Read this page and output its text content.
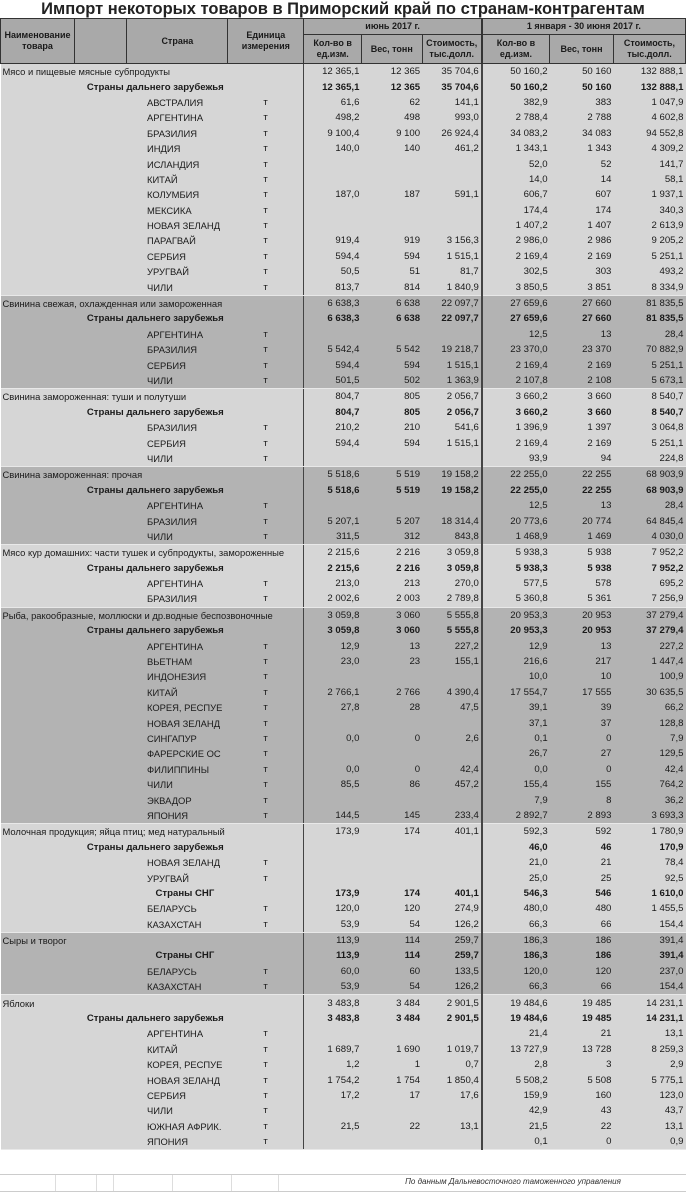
Импорт некоторых товаров в Приморский край по странам-контрагентам
Наименование товара		Страна	Единица измерения	июнь 2017 г.			1 января - 30 июня 2017 г.		
				Кол-во в ед.изм.	Вес, тонн	Стоимость, тыс.долл.	Кол-во в ед.изм.	Вес, тонн	Стоимость, тыс.долл.
Мясо и пищевые мясные субпродукты				12 365,1	12 365	35 704,6	50 160,2	50 160	132 888,1
Страны дальнего зарубежья				12 365,1	12 365	35 704,6	50 160,2	50 160	132 888,1
		АВСТРАЛИЯ	т	61,6	62	141,1	382,9	383	1 047,9
		АРГЕНТИНА	т	498,2	498	993,0	2 788,4	2 788	4 602,8
		БРАЗИЛИЯ	т	9 100,4	9 100	26 924,4	34 083,2	34 083	94 552,8
		ИНДИЯ	т	140,0	140	461,2	1 343,1	1 343	4 309,2
		ИСЛАНДИЯ	т				52,0	52	141,7
		КИТАЙ	т				14,0	14	58,1
		КОЛУМБИЯ	т	187,0	187	591,1	606,7	607	1 937,1
		МЕКСИКА	т				174,4	174	340,3
		НОВАЯ ЗЕЛАНД	т				1 407,2	1 407	2 613,9
		ПАРАГВАЙ	т	919,4	919	3 156,3	2 986,0	2 986	9 205,2
		СЕРБИЯ	т	594,4	594	1 515,1	2 169,4	2 169	5 251,1
		УРУГВАЙ	т	50,5	51	81,7	302,5	303	493,2
		ЧИЛИ	т	813,7	814	1 840,9	3 850,5	3 851	8 334,9
Свинина свежая, охлажденная или замороженная				6 638,3	6 638	22 097,7	27 659,6	27 660	81 835,5
Страны дальнего зарубежья				6 638,3	6 638	22 097,7	27 659,6	27 660	81 835,5
		АРГЕНТИНА	т				12,5	13	28,4
		БРАЗИЛИЯ	т	5 542,4	5 542	19 218,7	23 370,0	23 370	70 882,9
		СЕРБИЯ	т	594,4	594	1 515,1	2 169,4	2 169	5 251,1
		ЧИЛИ	т	501,5	502	1 363,9	2 107,8	2 108	5 673,1
Свинина замороженная: туши и полутуши				804,7	805	2 056,7	3 660,2	3 660	8 540,7
Страны дальнего зарубежья				804,7	805	2 056,7	3 660,2	3 660	8 540,7
		БРАЗИЛИЯ	т	210,2	210	541,6	1 396,9	1 397	3 064,8
		СЕРБИЯ	т	594,4	594	1 515,1	2 169,4	2 169	5 251,1
		ЧИЛИ	т				93,9	94	224,8
Свинина замороженная: прочая				5 518,6	5 519	19 158,2	22 255,0	22 255	68 903,9
Страны дальнего зарубежья				5 518,6	5 519	19 158,2	22 255,0	22 255	68 903,9
		АРГЕНТИНА	т				12,5	13	28,4
		БРАЗИЛИЯ	т	5 207,1	5 207	18 314,4	20 773,6	20 774	64 845,4
		ЧИЛИ	т	311,5	312	843,8	1 468,9	1 469	4 030,0
Мясо кур домашних: части тушек и субпродукты, замороженные				2 215,6	2 216	3 059,8	5 938,3	5 938	7 952,2
Страны дальнего зарубежья				2 215,6	2 216	3 059,8	5 938,3	5 938	7 952,2
		АРГЕНТИНА	т	213,0	213	270,0	577,5	578	695,2
		БРАЗИЛИЯ	т	2 002,6	2 003	2 789,8	5 360,8	5 361	7 256,9
Рыба, ракообразные, моллюски и др.водные беспозвоночные				3 059,8	3 060	5 555,8	20 953,3	20 953	37 279,4
Страны дальнего зарубежья				3 059,8	3 060	5 555,8	20 953,3	20 953	37 279,4
		АРГЕНТИНА	т	12,9	13	227,2	12,9	13	227,2
		ВЬЕТНАМ	т	23,0	23	155,1	216,6	217	1 447,4
		ИНДОНЕЗИЯ	т				10,0	10	100,9
		КИТАЙ	т	2 766,1	2 766	4 390,4	17 554,7	17 555	30 635,5
		КОРЕЯ, РЕСПУЕ	т	27,8	28	47,5	39,1	39	66,2
		НОВАЯ ЗЕЛАНД	т				37,1	37	128,8
		СИНГАПУР	т	0,0	0	2,6	0,1	0	7,9
		ФАРЕРСКИЕ ОС	т				26,7	27	129,5
		ФИЛИППИНЫ	т	0,0	0	42,4	0,0	0	42,4
		ЧИЛИ	т	85,5	86	457,2	155,4	155	764,2
		ЭКВАДОР	т				7,9	8	36,2
		ЯПОНИЯ	т	144,5	145	233,4	2 892,7	2 893	3 693,3
Молочная продукция; яйца птиц; мед натуральный				173,9	174	401,1	592,3	592	1 780,9
Страны дальнего зарубежья							46,0	46	170,9
		НОВАЯ ЗЕЛАНД	т				21,0	21	78,4
		УРУГВАЙ	т				25,0	25	92,5
Страны СНГ				173,9	174	401,1	546,3	546	1 610,0
		БЕЛАРУСЬ	т	120,0	120	274,9	480,0	480	1 455,5
		КАЗАХСТАН	т	53,9	54	126,2	66,3	66	154,4
Сыры и творог				113,9	114	259,7	186,3	186	391,4
Страны СНГ				113,9	114	259,7	186,3	186	391,4
		БЕЛАРУСЬ	т	60,0	60	133,5	120,0	120	237,0
		КАЗАХСТАН	т	53,9	54	126,2	66,3	66	154,4
Яблоки				3 483,8	3 484	2 901,5	19 484,6	19 485	14 231,1
Страны дальнего зарубежья				3 483,8	3 484	2 901,5	19 484,6	19 485	14 231,1
		АРГЕНТИНА	т				21,4	21	13,1
		КИТАЙ	т	1 689,7	1 690	1 019,7	13 727,9	13 728	8 259,3
		КОРЕЯ, РЕСПУЕ	т	1,2	1	0,7	2,8	3	2,9
		НОВАЯ ЗЕЛАНД	т	1 754,2	1 754	1 850,4	5 508,2	5 508	5 775,1
		СЕРБИЯ	т	17,2	17	17,6	159,9	160	123,0
		ЧИЛИ	т				42,9	43	43,7
		ЮЖНАЯ АФРИК.	т	21,5	22	13,1	21,5	22	13,1
		ЯПОНИЯ	т				0,1	0	0,9
По данным Дальневосточного таможенного управления
